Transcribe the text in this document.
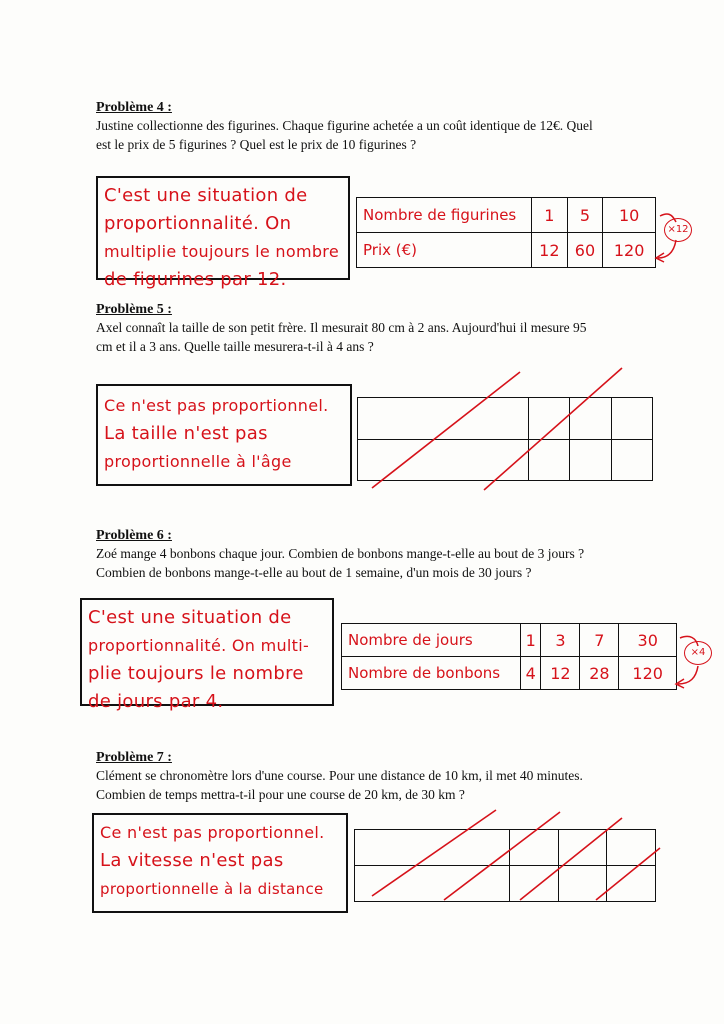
Problème 4 :

Justine collectionne des figurines. Chaque figurine achetée a un coût identique de 12€. Quel

est le prix de 5 figurines ? Quel est le prix de 10 figurines ?

C'est une situation de
proportionnalité. On
multiplie toujours le nombre
de figurines par 12.
Nombre de figurines	1	5	10
Prix (€)	12	60	120
×12

Problème 5 :

Axel connaît la taille de son petit frère. Il mesurait 80 cm à 2 ans. Aujourd'hui il mesure 95

cm et il a 3 ans. Quelle taille mesurera-t-il à 4 ans ?

Ce n'est pas proportionnel.
La taille n'est pas
proportionnelle à l'âge

Problème 6 :

Zoé mange 4 bonbons chaque jour. Combien de bonbons mange-t-elle au bout de 3 jours ?

Combien de bonbons mange-t-elle au bout de 1 semaine, d'un mois de 30 jours ?

C'est une situation de
proportionnalité. On multi-
plie toujours le nombre
de jours par 4.
Nombre de jours	1	3	7	30
Nombre de bonbons	4	12	28	120
×4

Problème 7 :

Clément se chronomètre lors d'une course. Pour une distance de 10 km, il met 40 minutes.

Combien de temps mettra-t-il pour une course de 20 km, de 30 km ?

Ce n'est pas proportionnel.
La vitesse n'est pas
proportionnelle à la distance
